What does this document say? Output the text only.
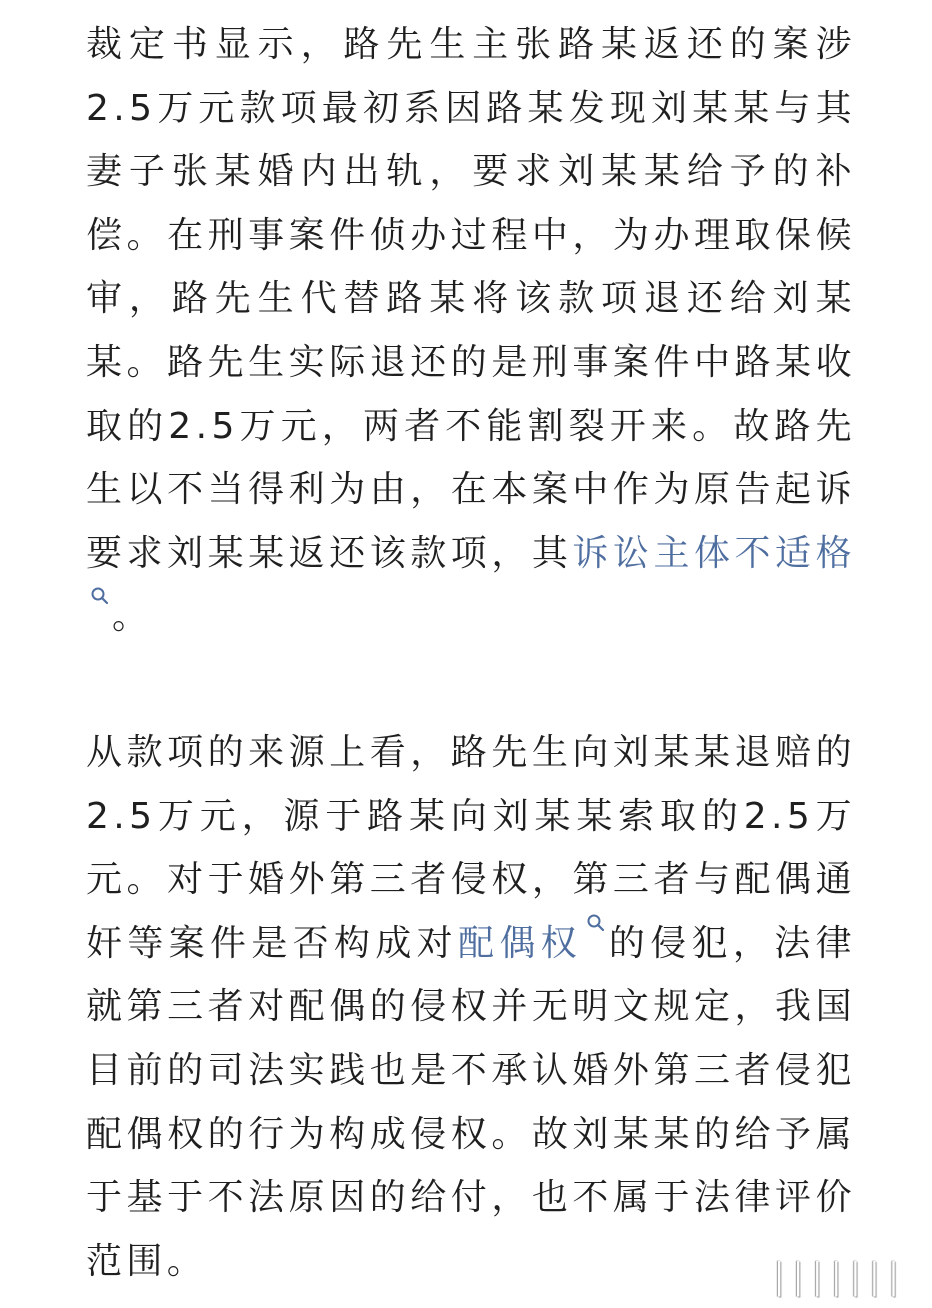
裁定书显示，路先生主张路某返还的案涉2.5万元款项最初系因路某发现刘某某与其妻子张某婚内出轨，要求刘某某给予的补偿。在刑事案件侦办过程中，为办理取保候审，路先生代替路某将该款项退还给刘某某。路先生实际退还的是刑事案件中路某收取的2.5万元，两者不能割裂开来。故路先生以不当得利为由，在本案中作为原告起诉要求刘某某返还该款项，其诉讼主体不适格
。

从款项的来源上看，路先生向刘某某退赔的2.5万元，源于路某向刘某某索取的2.5万元。对于婚外第三者侵权，第三者与配偶通奸等案件是否构成对配偶权 的侵犯，法律就第三者对配偶的侵权并无明文规定，我国目前的司法实践也是不承认婚外第三者侵犯配偶权的行为构成侵权。故刘某某的给予属于基于不法原因的给付，也不属于法律评价范围。	│││││││
